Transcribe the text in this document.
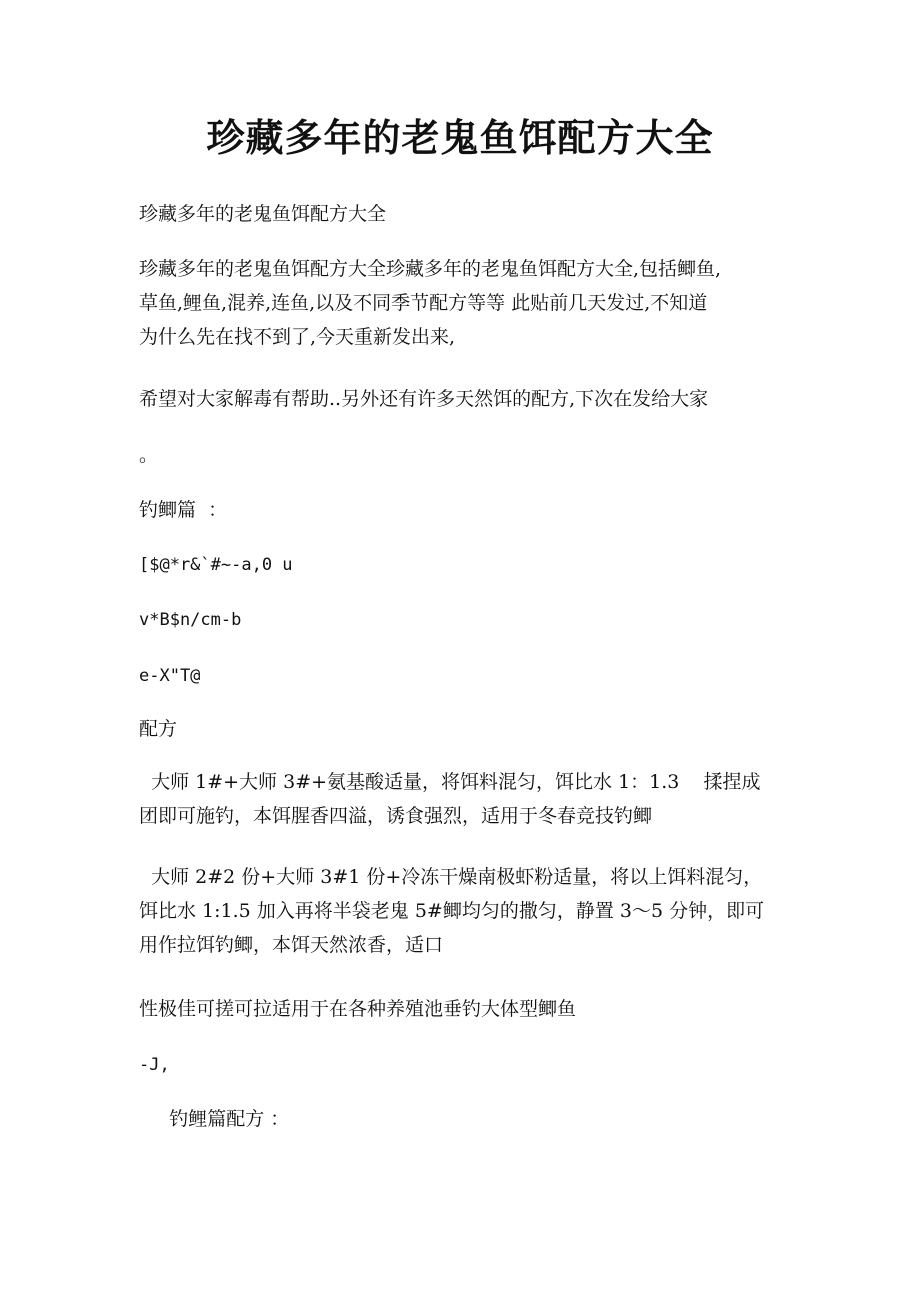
珍藏多年的老鬼鱼饵配方大全

珍藏多年的老鬼鱼饵配方大全

珍藏多年的老鬼鱼饵配方大全珍藏多年的老鬼鱼饵配方大全,包括鲫鱼,
草鱼,鲤鱼,混养,连鱼,以及不同季节配方等等 此贴前几天发过,不知道
为什么先在找不到了,今天重新发出来,

希望对大家解毒有帮助..另外还有许多天然饵的配方,下次在发给大家

。

钓鲫篇  ：

[$@*r&`#~-a,0 u

v*B$n/cm-b

e-X"T@

配方

大师 1#+大师 3#+氨基酸适量，将饵料混匀，饵比水 1：1.3    揉捏成
团即可施钓，本饵腥香四溢，诱食强烈，适用于冬春竞技钓鲫

大师 2#2 份+大师 3#1 份+冷冻干燥南极虾粉适量，将以上饵料混匀，
饵比水 1:1.5 加入再将半袋老鬼 5#鲫均匀的撒匀，静置 3～5 分钟，即可
用作拉饵钓鲫，本饵天然浓香，适口

性极佳可搓可拉适用于在各种养殖池垂钓大体型鲫鱼

-J,

钓鲤篇配方 ：
